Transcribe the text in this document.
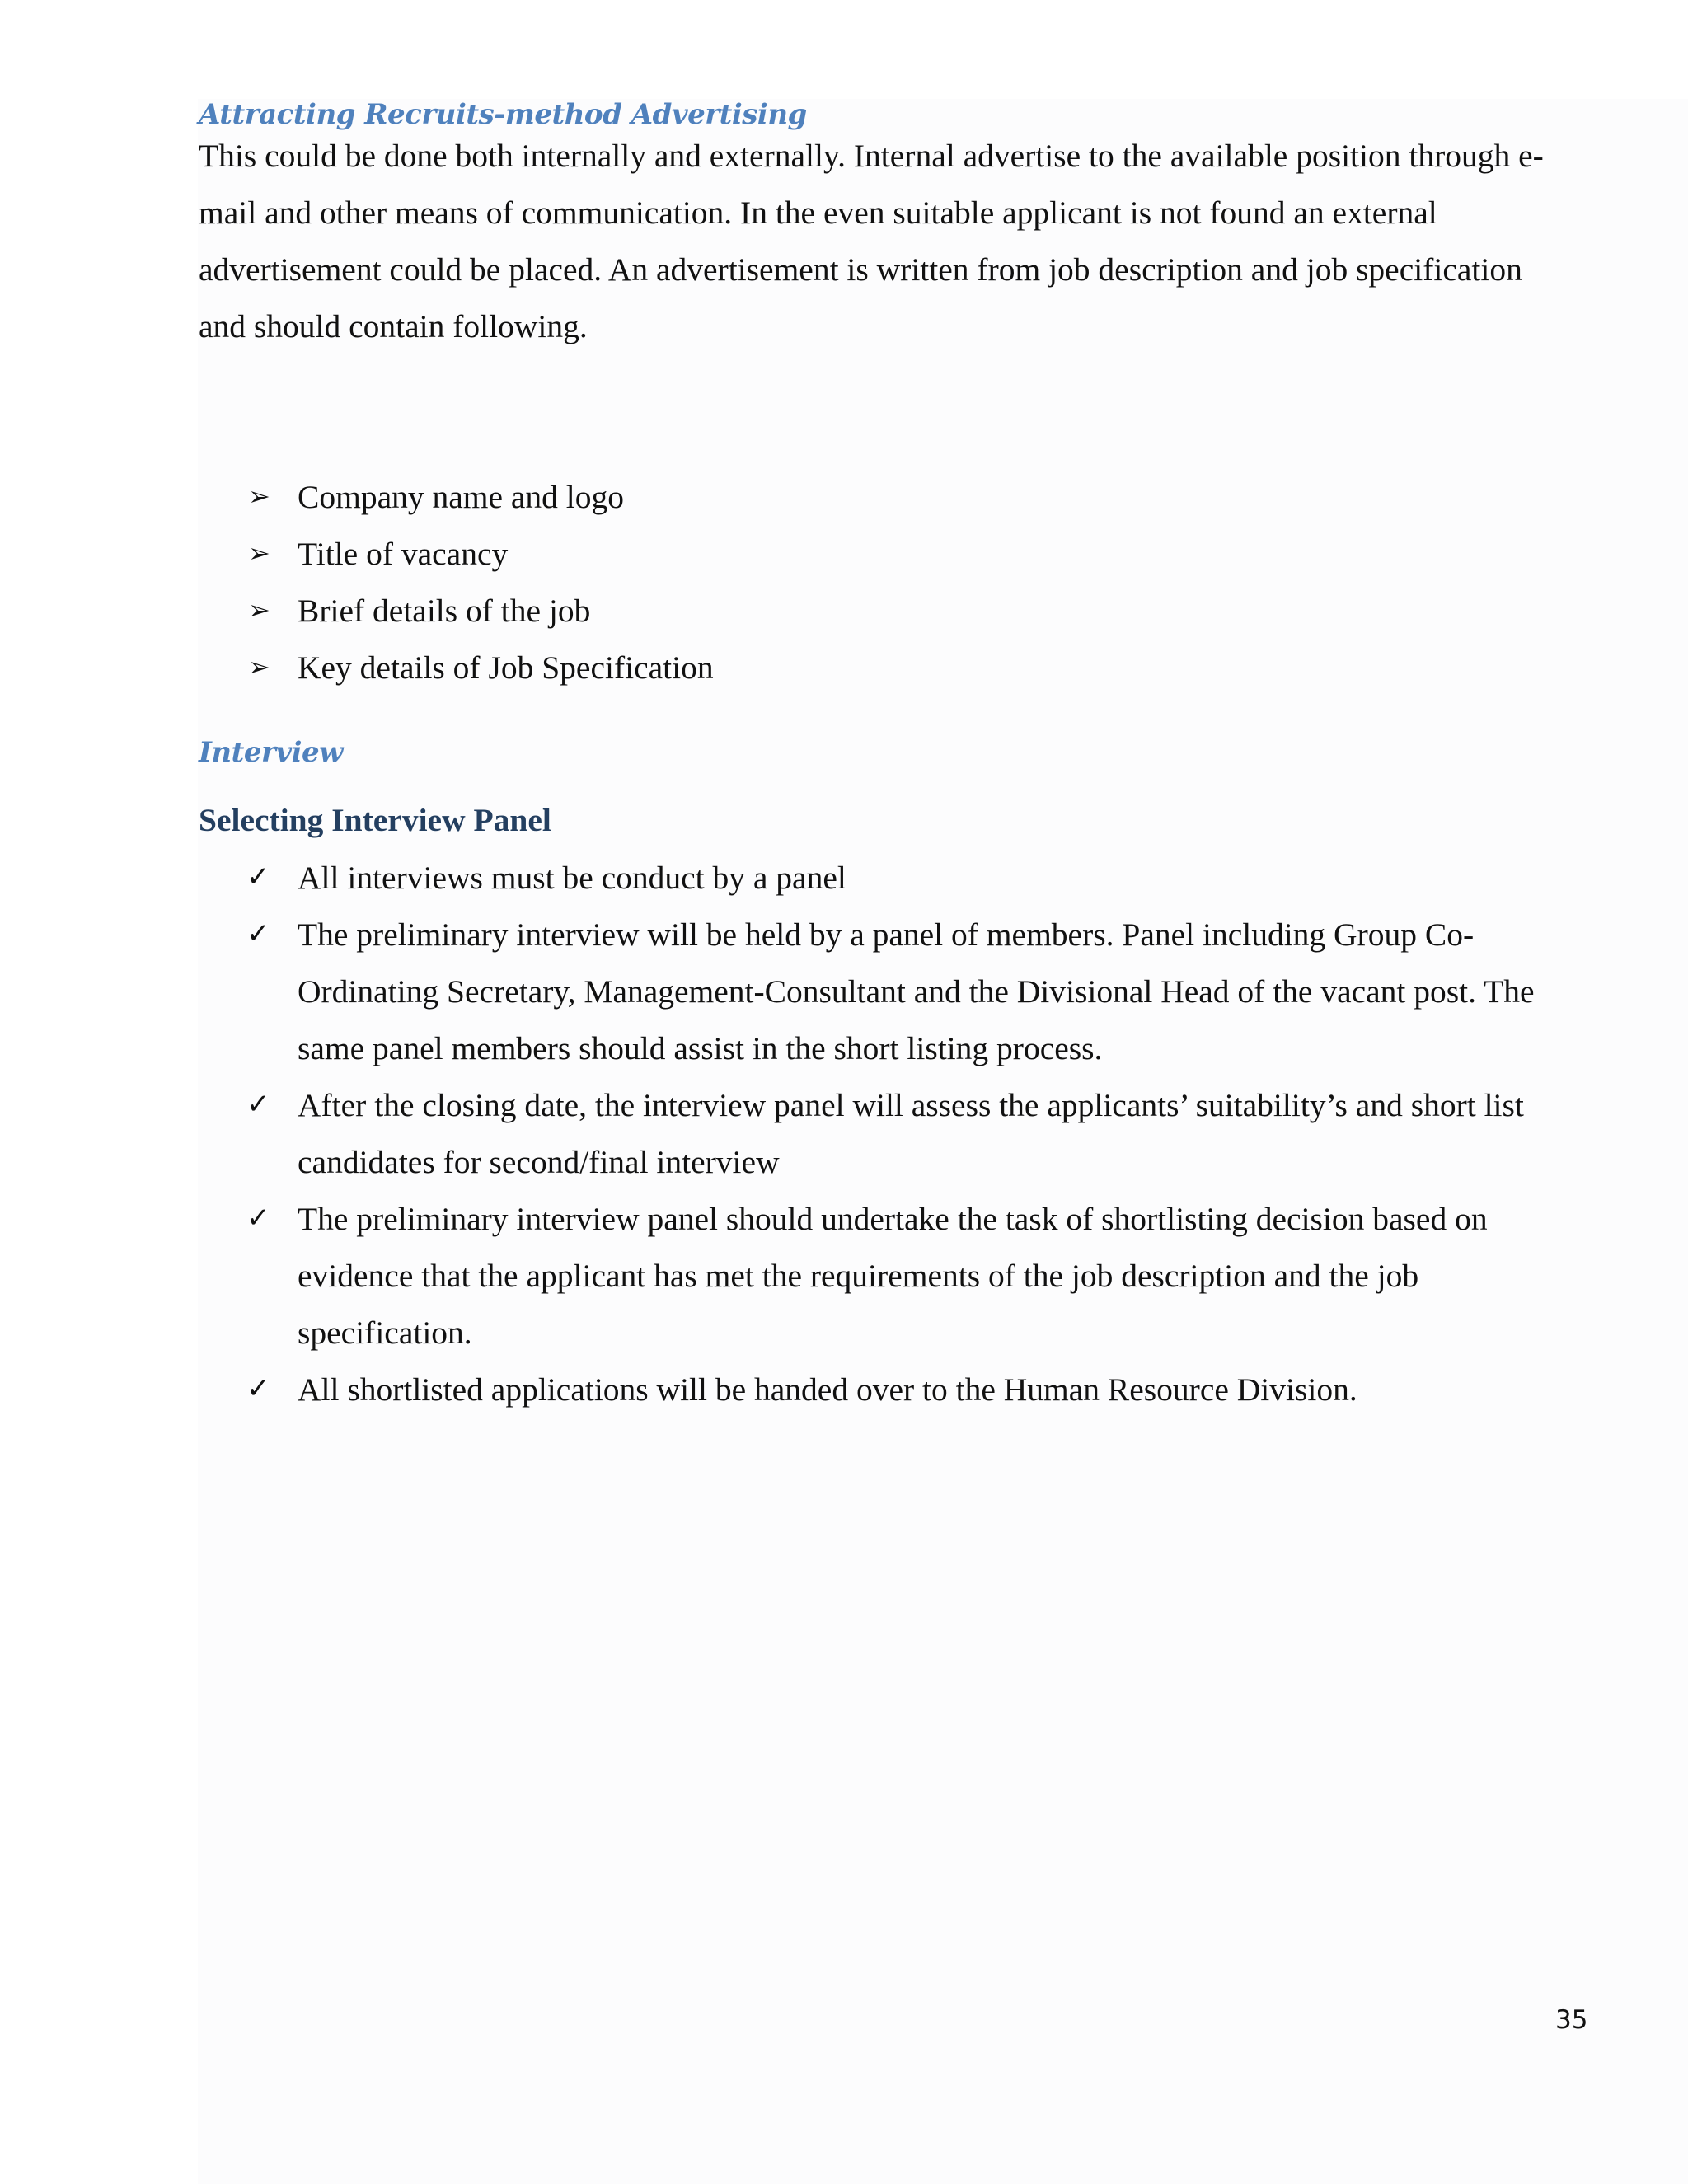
Attracting Recruits-method Advertising

This could be done both internally and externally. Internal advertise to the available position through e-

mail and other means of communication. In the even suitable applicant is not found an external

advertisement could be placed. An advertisement is written from job description and job specification

and should contain following.

➢ Company name and logo

➢ Title of vacancy

➢ Brief details of the job

➢ Key details of Job Specification

Interview
Selecting Interview Panel
✓ All interviews must be conduct by a panel

✓ The preliminary interview will be held by a panel of members. Panel including Group Co-

Ordinating Secretary, Management-Consultant and the Divisional Head of the vacant post. The

same panel members should assist in the short listing process.

✓ After the closing date, the interview panel will assess the applicants’ suitability’s and short list

candidates for second/final interview

✓ The preliminary interview panel should undertake the task of shortlisting decision based on

evidence that the applicant has met the requirements of the job description and the job

specification.

✓ All shortlisted applications will be handed over to the Human Resource Division.

35
